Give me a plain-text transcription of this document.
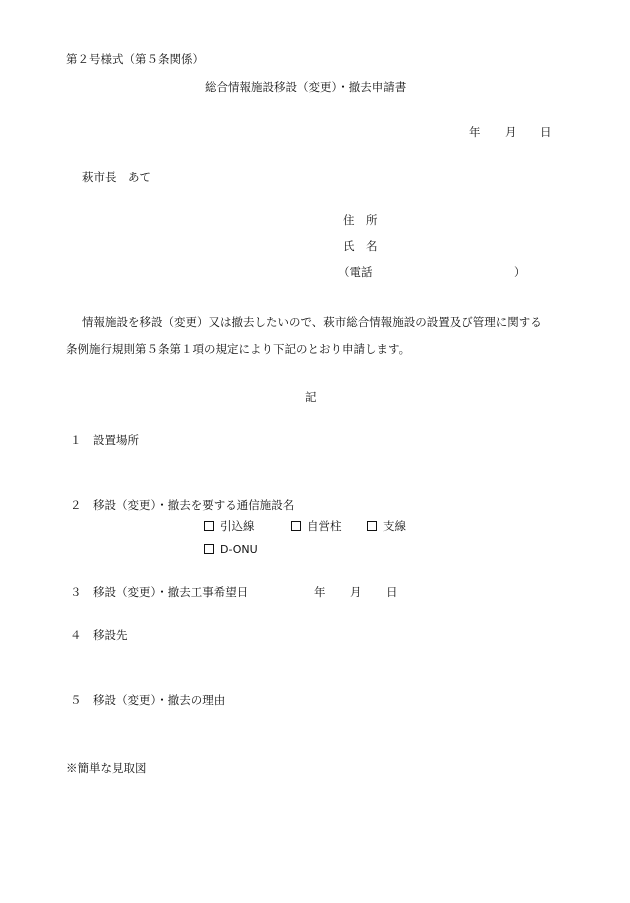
第２号様式（第５条関係）
総合情報施設移設（変更）・撤去申請書
年 月 日
萩市長　あて
住　所
氏　名
（電話	）
情報施設を移設（変更）又は撤去したいので、萩市総合情報施設の設置及び管理に関する
条例施行規則第５条第１項の規定により下記のとおり申請します。
記
１ 設置場所
２ 移設（変更）・撤去を要する通信施設名
引込線	自営柱	支線
D-ONU
３ 移設（変更）・撤去工事希望日	年 月 日
４ 移設先
５ 移設（変更）・撤去の理由
※簡単な見取図
